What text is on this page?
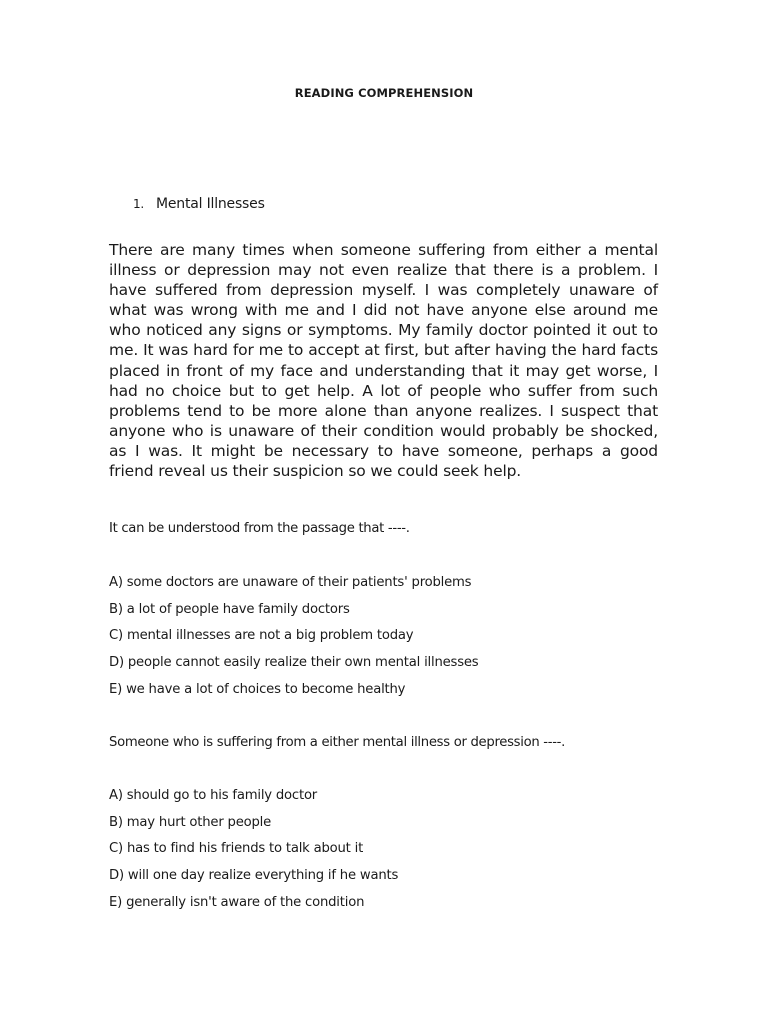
READING COMPREHENSION
1. Mental Illnesses

There are many times when someone suffering from either a mental illness or depression may not even realize that there is a problem. I have suffered from depression myself. I was completely unaware of what was wrong with me and I did not have anyone else around me who noticed any signs or symptoms. My family doctor pointed it out to me. It was hard for me to accept at first, but after having the hard facts placed in front of my face and understanding that it may get worse, I had no choice but to get help. A lot of people who suffer from such problems tend to be more alone than anyone realizes. I suspect that anyone who is unaware of their condition would probably be shocked, as I was. It might be necessary to have someone, perhaps a good friend reveal us their suspicion so we could seek help.

It can be understood from the passage that ----.
A) some doctors are unaware of their patients' problems
B) a lot of people have family doctors
C) mental illnesses are not a big problem today
D) people cannot easily realize their own mental illnesses
E) we have a lot of choices to become healthy
Someone who is suffering from a either mental illness or depression ----.
A) should go to his family doctor
B) may hurt other people
C) has to find his friends to talk about it
D) will one day realize everything if he wants
E) generally isn't aware of the condition
